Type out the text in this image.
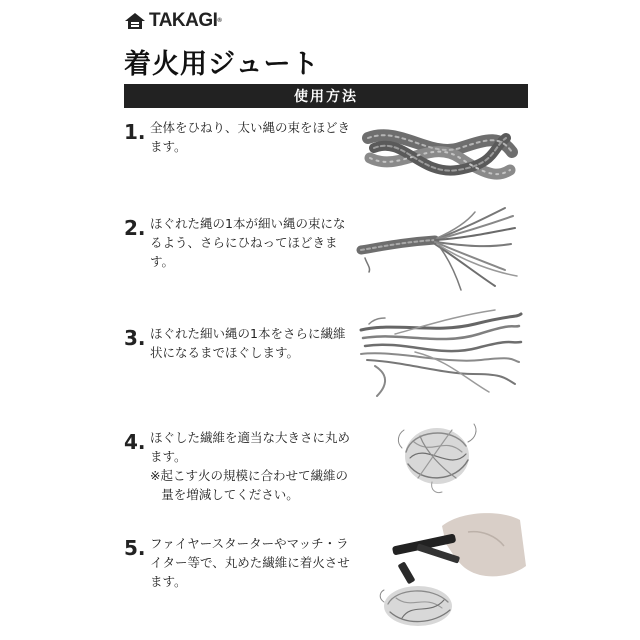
TAKAGI®
着火用ジュート
使用方法
1. 全体をひねり、太い縄の束をほどきます。
2. ほぐれた縄の1本が細い縄の束になるよう、さらにひねってほどきます。
3. ほぐれた細い縄の1本をさらに繊維状になるまでほぐします。
4. ほぐした繊維を適当な大きさに丸めます。
※起こす火の規模に合わせて繊維の量を増減してください。
5. ファイヤースターターやマッチ・ライター等で、丸めた繊維に着火させます。
